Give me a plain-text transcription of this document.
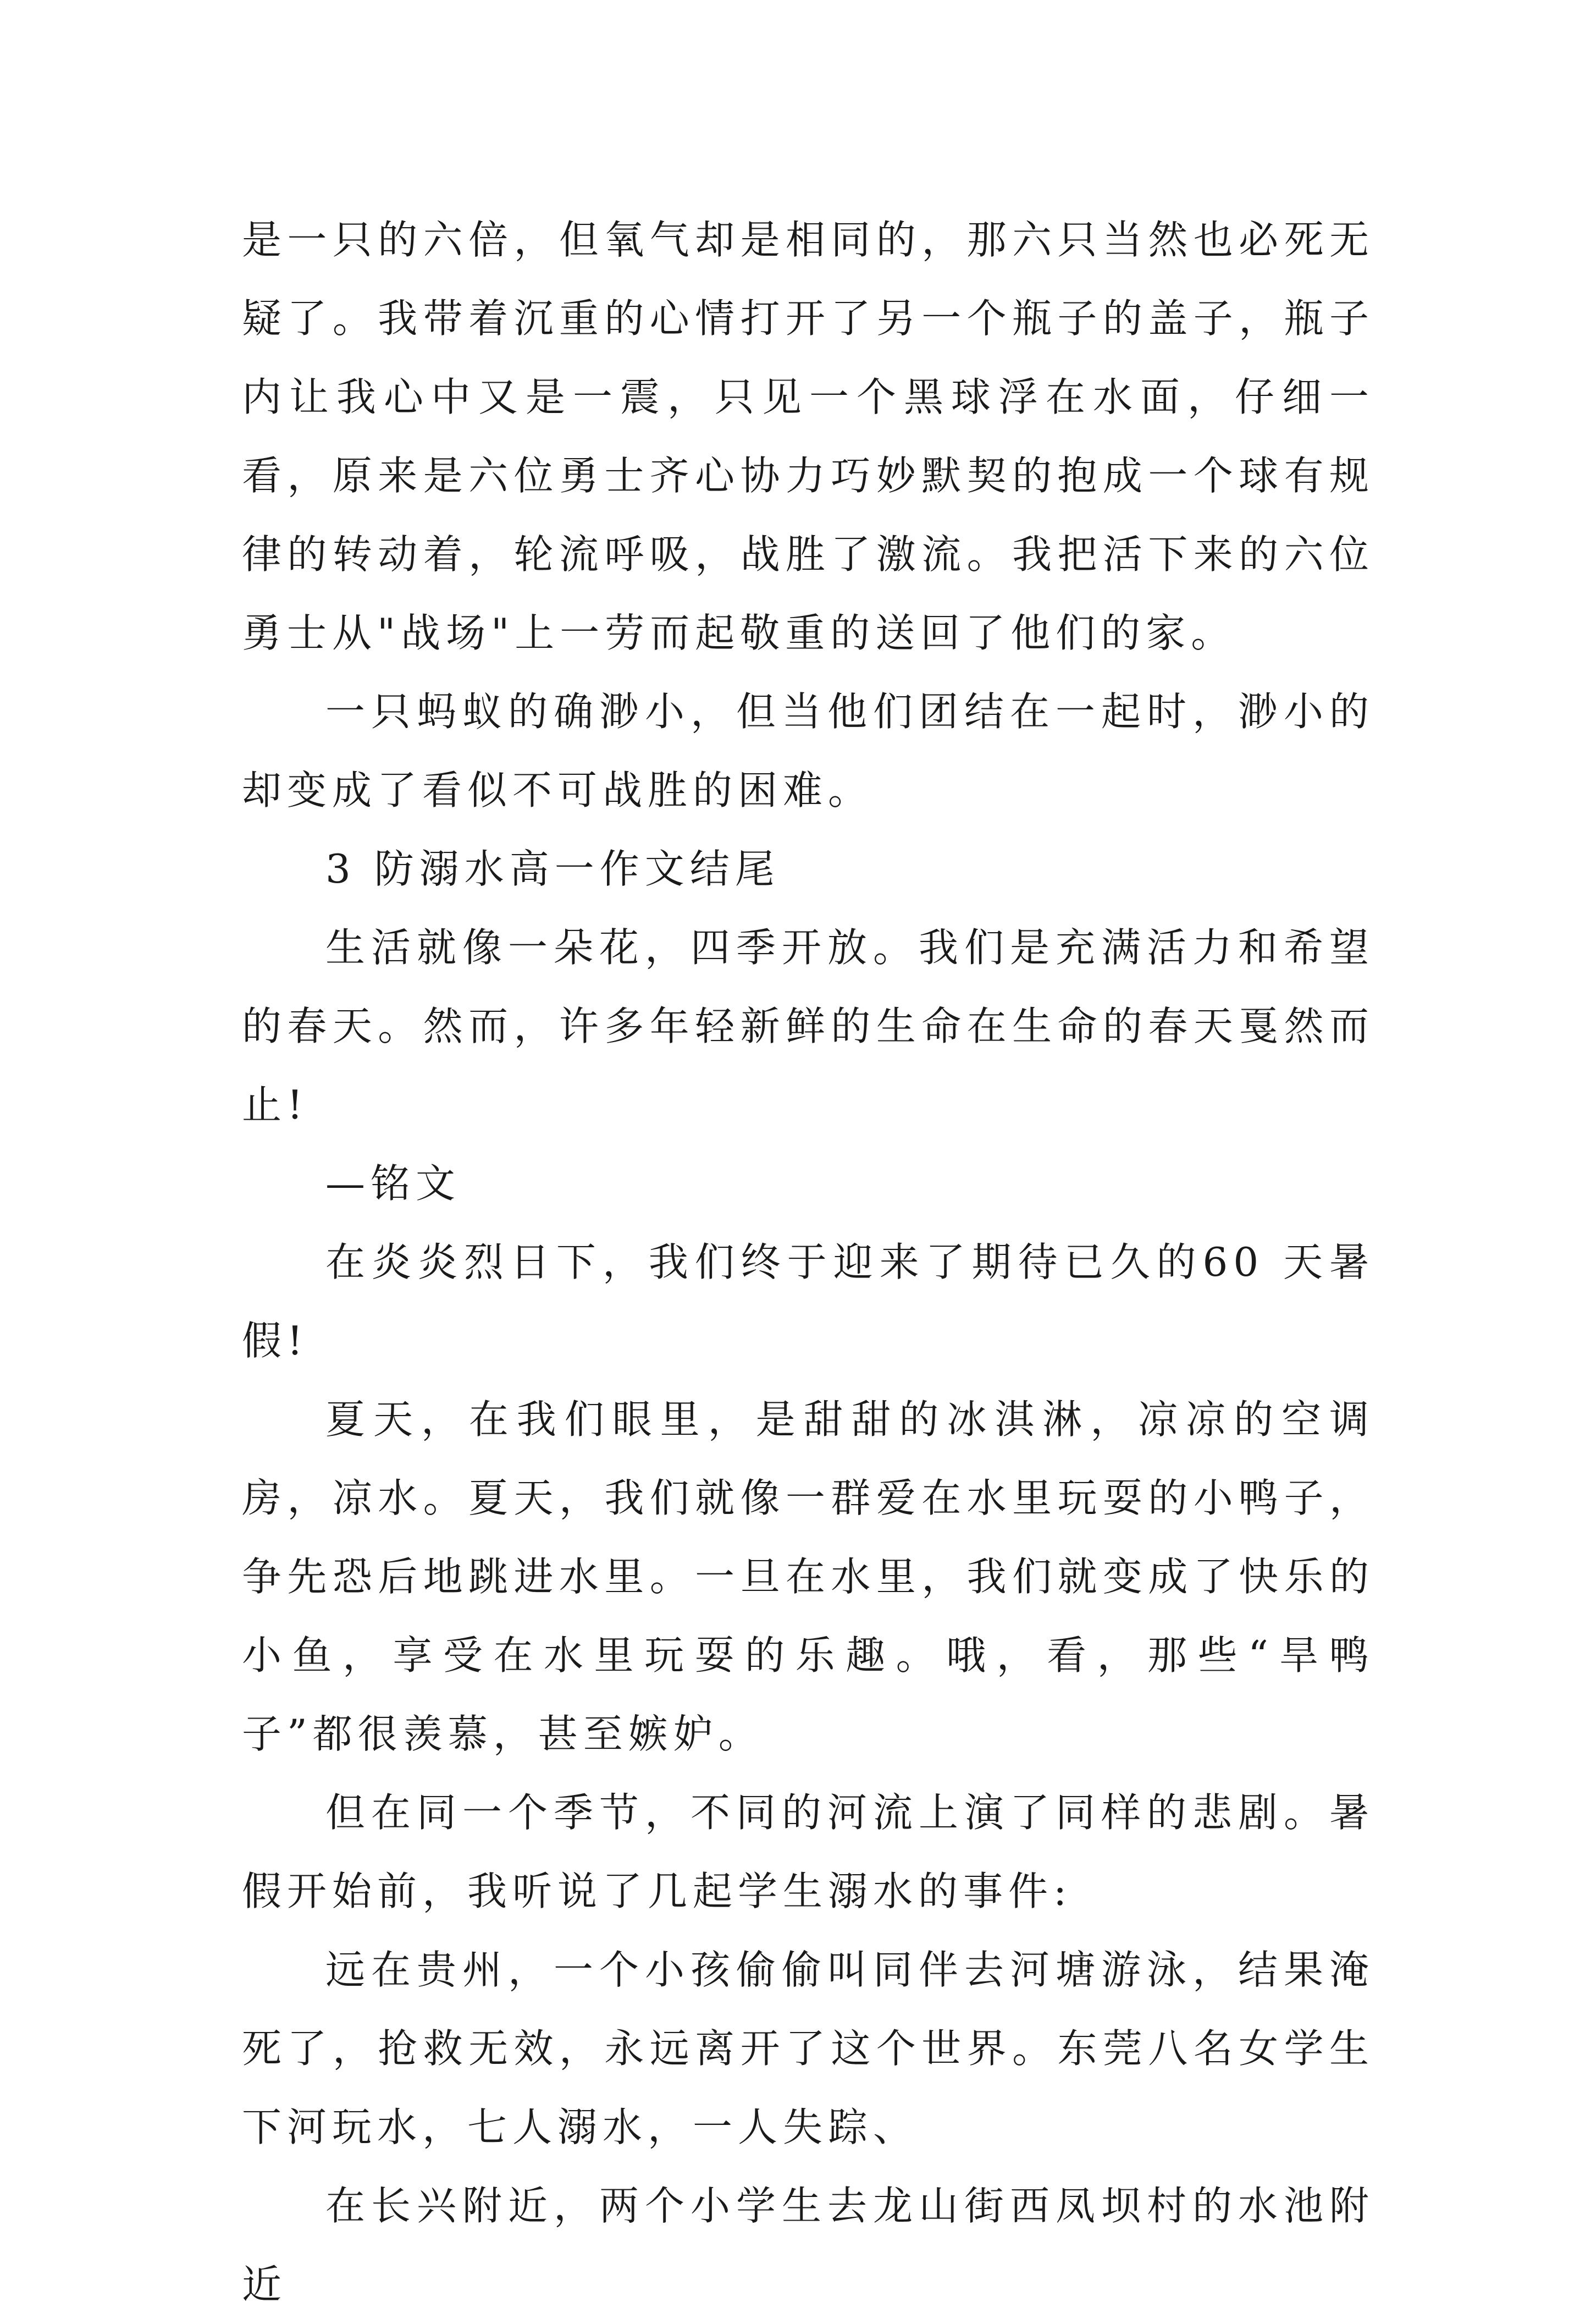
是一只的六倍，但氧气却是相同的，那六只当然也必死无疑了。我带着沉重的心情打开了另一个瓶子的盖子，瓶子内让我心中又是一震，只见一个黑球浮在水面，仔细一看，原来是六位勇士齐心协力巧妙默契的抱成一个球有规律的转动着，轮流呼吸，战胜了激流。我把活下来的六位勇士从"战场"上一劳而起敬重的送回了他们的家。

一只蚂蚁的确渺小，但当他们团结在一起时，渺小的却变成了看似不可战胜的困难。

3 防溺水高一作文结尾

生活就像一朵花，四季开放。我们是充满活力和希望的春天。然而，许多年轻新鲜的生命在生命的春天戛然而止!

—铭文

在炎炎烈日下，我们终于迎来了期待已久的60 天暑假!

夏天，在我们眼里，是甜甜的冰淇淋，凉凉的空调房，凉水。夏天，我们就像一群爱在水里玩耍的小鸭子，争先恐后地跳进水里。一旦在水里，我们就变成了快乐的小鱼，享受在水里玩耍的乐趣。哦，看，那些“旱鸭子”都很羡慕，甚至嫉妒。

但在同一个季节，不同的河流上演了同样的悲剧。暑假开始前，我听说了几起学生溺水的事件:

远在贵州，一个小孩偷偷叫同伴去河塘游泳，结果淹死了，抢救无效，永远离开了这个世界。东莞八名女学生下河玩水，七人溺水，一人失踪、

在长兴附近，两个小学生去龙山街西凤坝村的水池附近
